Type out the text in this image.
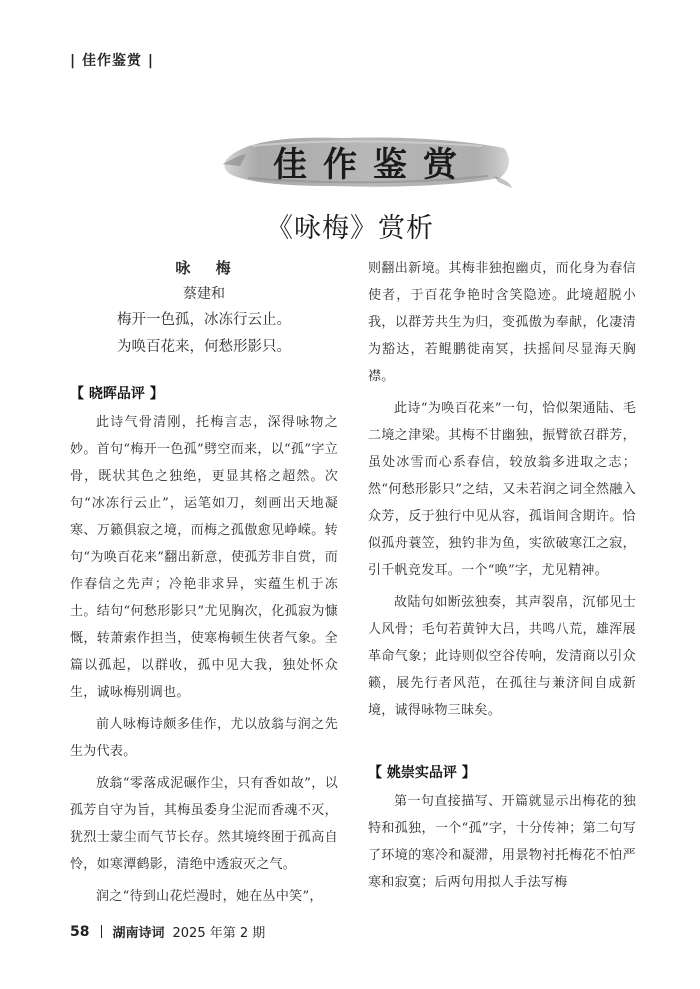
| 佳作鉴赏 |
佳作鉴赏
《咏梅》赏析
咏 梅
蔡建和
梅开一色孤，冰冻行云止。
为唤百花来，何愁形影只。
【 晓晖品评 】

此诗气骨清刚，托梅言志，深得咏物之妙。首句“梅开一色孤”劈空而来，以“孤”字立骨，既状其色之独绝，更显其格之超然。次句“冰冻行云止”，运笔如刀，刻画出天地凝寒、万籁俱寂之境，而梅之孤傲愈见峥嵘。转句“为唤百花来”翻出新意，使孤芳非自赏，而作春信之先声；冷艳非求异，实蕴生机于冻土。结句“何愁形影只”尤见胸次，化孤寂为慷慨，转萧索作担当，使寒梅顿生侠者气象。全篇以孤起，以群收，孤中见大我，独处怀众生，诚咏梅别调也。

前人咏梅诗颇多佳作，尤以放翁与润之先生为代表。

放翁“零落成泥碾作尘，只有香如故”，以孤芳自守为旨，其梅虽委身尘泥而香魂不灭，犹烈士蒙尘而气节长存。然其境终囿于孤高自怜，如寒潭鹤影，清绝中透寂灭之气。

润之“待到山花烂漫时，她在丛中笑”，

则翻出新境。其梅非独抱幽贞，而化身为春信使者，于百花争艳时含笑隐迹。此境超脱小我，以群芳共生为归，变孤傲为奉献，化凄清为豁达，若鲲鹏徙南冥，扶摇间尽显海天胸襟。

此诗“为唤百花来”一句，恰似架通陆、毛二境之津梁。其梅不甘幽独，振臂欲召群芳，虽处冰雪而心系春信，较放翁多进取之志；然“何愁形影只”之结，又未若润之词全然融入众芳，反于独行中见从容，孤诣间含期许。恰似孤舟蓑笠，独钓非为鱼，实欲破寒江之寂，引千帆竞发耳。一个“唤”字，尤见精神。

故陆句如断弦独奏，其声裂帛，沉郁见士人风骨；毛句若黄钟大吕，共鸣八荒，雄浑展革命气象；此诗则似空谷传响，发清商以引众籁，展先行者风范，在孤往与兼济间自成新境，诚得咏物三昧矣。

【 姚崇实品评 】

第一句直接描写、开篇就显示出梅花的独特和孤独，一个“孤”字，十分传神；第二句写了环境的寒冷和凝滞，用景物衬托梅花不怕严寒和寂寞；后两句用拟人手法写梅

58 湖南诗词 2025 年第 2 期
